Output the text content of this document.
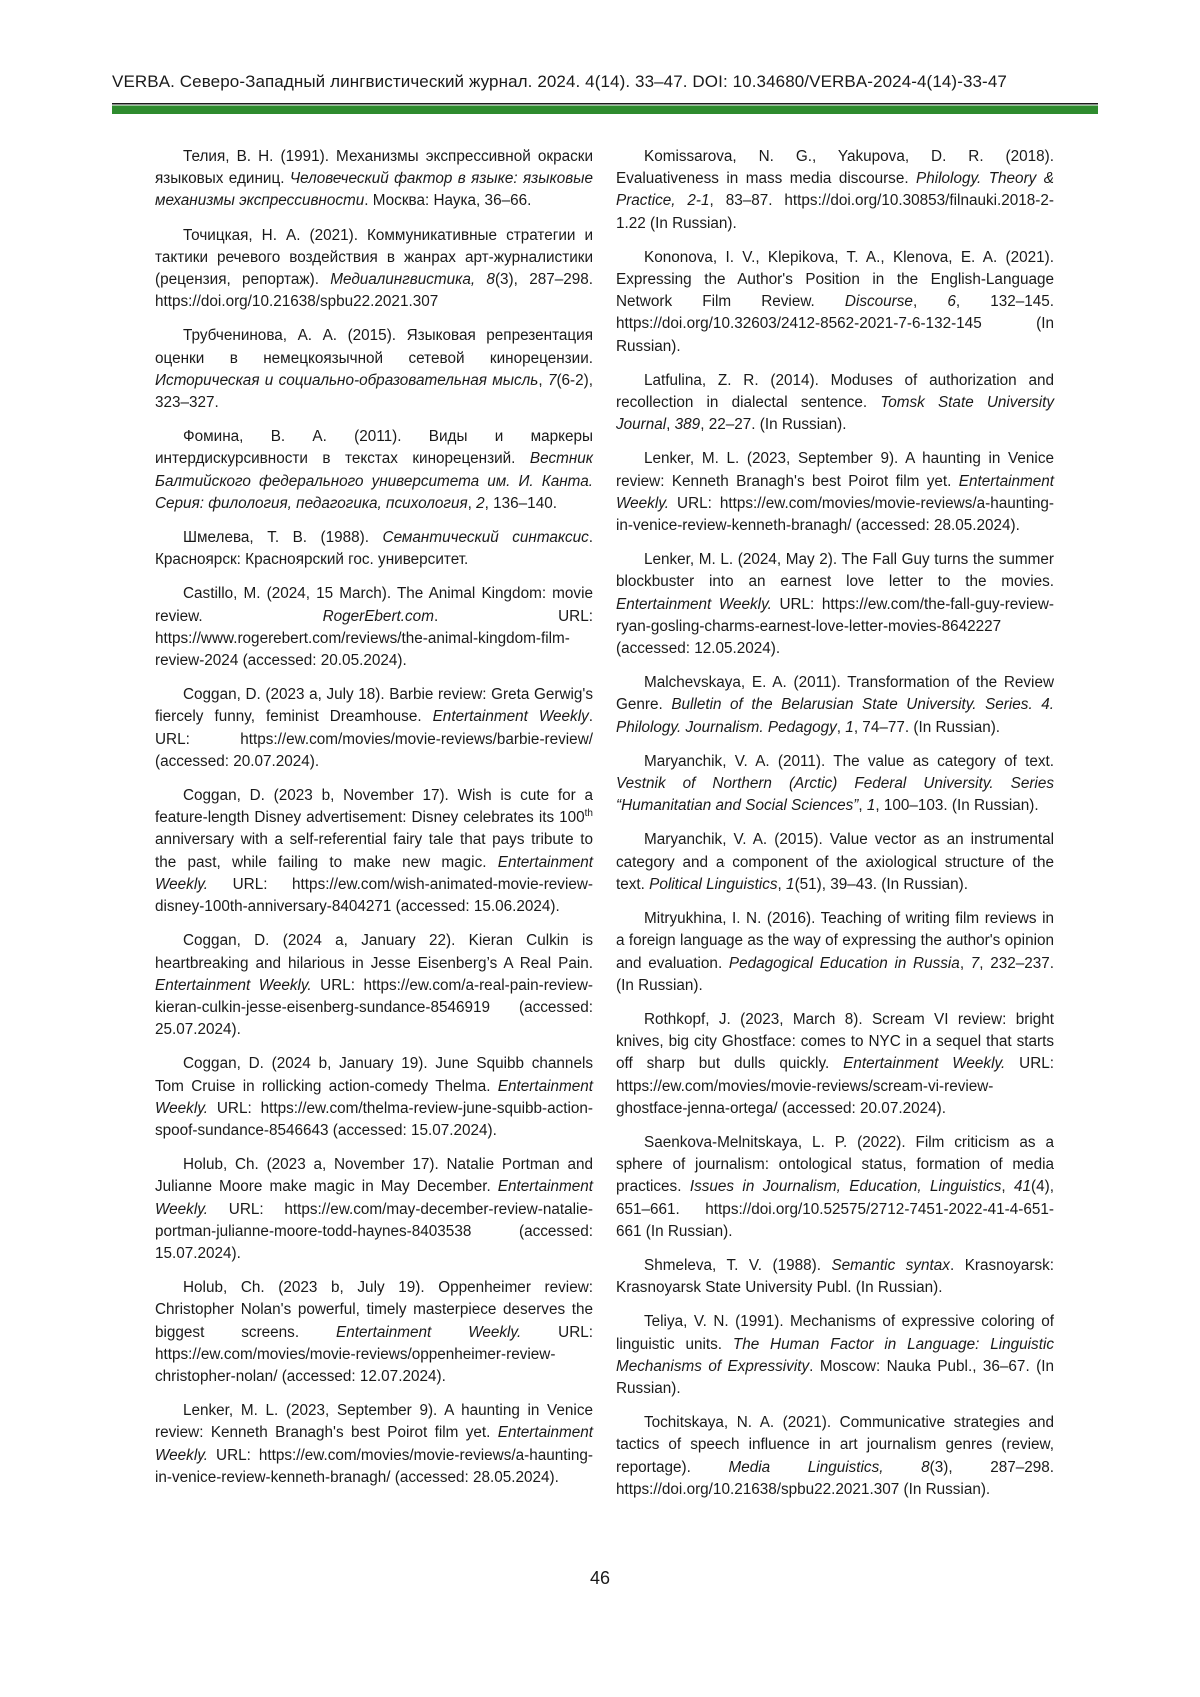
VERBA. Северо-Западный лингвистический журнал. 2024. 4(14). 33–47. DOI: 10.34680/VERBA-2024-4(14)-33-47

Телия, В. Н. (1991). Механизмы экспрессивной окраски языковых единиц. Человеческий фактор в языке: языковые механизмы экспрессивности. Москва: Наука, 36–66.

Точицкая, Н. А. (2021). Коммуникативные стратегии и тактики речевого воздействия в жанрах арт-журналистики (рецензия, репортаж). Медиалингвистика, 8(3), 287–298. https://doi.org/10.21638/spbu22.2021.307

Трубченинова, А. А. (2015). Языковая репрезентация оценки в немецкоязычной сетевой кинорецензии. Историческая и социально-образовательная мысль, 7(6-2), 323–327.

Фомина, В. А. (2011). Виды и маркеры интердискурсивности в текстах кинорецензий. Вестник Балтийского федерального университета им. И. Канта. Серия: филология, педагогика, психология, 2, 136–140.

Шмелева, Т. В. (1988). Семантический синтаксис. Красноярск: Красноярский гос. университет.

Castillo, M. (2024, 15 March). The Animal Kingdom: movie review. RogerEbert.com. URL: https://www.rogerebert.com/reviews/the-animal-kingdom-film-review-2024 (accessed: 20.05.2024).

Coggan, D. (2023 a, July 18). Barbie review: Greta Gerwig's fiercely funny, feminist Dreamhouse. Entertainment Weekly. URL: https://ew.com/movies/movie-reviews/barbie-review/ (accessed: 20.07.2024).

Coggan, D. (2023 b, November 17). Wish is cute for a feature-length Disney advertisement: Disney celebrates its 100th anniversary with a self-referential fairy tale that pays tribute to the past, while failing to make new magic. Entertainment Weekly. URL: https://ew.com/wish-animated-movie-review-disney-100th-anniversary-8404271 (accessed: 15.06.2024).

Coggan, D. (2024 a, January 22). Kieran Culkin is heartbreaking and hilarious in Jesse Eisenberg’s A Real Pain. Entertainment Weekly. URL: https://ew.com/a-real-pain-review-kieran-culkin-jesse-eisenberg-sundance-8546919 (accessed: 25.07.2024).

Coggan, D. (2024 b, January 19). June Squibb channels Tom Cruise in rollicking action-comedy Thelma. Entertainment Weekly. URL: https://ew.com/thelma-review-june-squibb-action-spoof-sundance-8546643 (accessed: 15.07.2024).

Holub, Ch. (2023 a, November 17). Natalie Portman and Julianne Moore make magic in May December. Entertainment Weekly. URL: https://ew.com/may-december-review-natalie-portman-julianne-moore-todd-haynes-8403538 (accessed: 15.07.2024).

Holub, Ch. (2023 b, July 19). Oppenheimer review: Christopher Nolan's powerful, timely masterpiece deserves the biggest screens. Entertainment Weekly. URL: https://ew.com/movies/movie-reviews/oppenheimer-review-christopher-nolan/ (accessed: 12.07.2024).

Lenker, M. L. (2023, September 9). A haunting in Venice review: Kenneth Branagh's best Poirot film yet. Entertainment Weekly. URL: https://ew.com/movies/movie-reviews/a-haunting-in-venice-review-kenneth-branagh/ (accessed: 28.05.2024).

Komissarova, N. G., Yakupova, D. R. (2018). Evaluativeness in mass media discourse. Philology. Theory & Practice, 2-1, 83–87. https://doi.org/10.30853/filnauki.2018-2-1.22 (In Russian).

Kononova, I. V., Klepikova, T. A., Klenova, E. A. (2021). Expressing the Author's Position in the English-Language Network Film Review. Discourse, 6, 132–145. https://doi.org/10.32603/2412-8562-2021-7-6-132-145 (In Russian).

Latfulina, Z. R. (2014). Moduses of authorization and recollection in dialectal sentence. Tomsk State University Journal, 389, 22–27. (In Russian).

Lenker, M. L. (2023, September 9). A haunting in Venice review: Kenneth Branagh's best Poirot film yet. Entertainment Weekly. URL: https://ew.com/movies/movie-reviews/a-haunting-in-venice-review-kenneth-branagh/ (accessed: 28.05.2024).

Lenker, M. L. (2024, May 2). The Fall Guy turns the summer blockbuster into an earnest love letter to the movies. Entertainment Weekly. URL: https://ew.com/the-fall-guy-review-ryan-gosling-charms-earnest-love-letter-movies-8642227 (accessed: 12.05.2024).

Malchevskaya, E. A. (2011). Transformation of the Review Genre. Bulletin of the Belarusian State University. Series. 4. Philology. Journalism. Pedagogy, 1, 74–77. (In Russian).

Maryanchik, V. A. (2011). The value as category of text. Vestnik of Northern (Arctic) Federal University. Series “Humanitatian and Social Sciences”, 1, 100–103. (In Russian).

Maryanchik, V. A. (2015). Value vector as an instrumental category and a component of the axiological structure of the text. Political Linguistics, 1(51), 39–43. (In Russian).

Mitryukhina, I. N. (2016). Teaching of writing film reviews in a foreign language as the way of expressing the author's opinion and evaluation. Pedagogical Education in Russia, 7, 232–237. (In Russian).

Rothkopf, J. (2023, March 8). Scream VI review: bright knives, big city Ghostface: comes to NYC in a sequel that starts off sharp but dulls quickly. Entertainment Weekly. URL: https://ew.com/movies/movie-reviews/scream-vi-review-ghostface-jenna-ortega/ (accessed: 20.07.2024).

Saenkova-Melnitskaya, L. P. (2022). Film criticism as a sphere of journalism: ontological status, formation of media practices. Issues in Journalism, Education, Linguistics, 41(4), 651–661. https://doi.org/10.52575/2712-7451-2022-41-4-651-661 (In Russian).

Shmeleva, T. V. (1988). Semantic syntax. Krasnoyarsk: Krasnoyarsk State University Publ. (In Russian).

Teliya, V. N. (1991). Mechanisms of expressive coloring of linguistic units. The Human Factor in Language: Linguistic Mechanisms of Expressivity. Moscow: Nauka Publ., 36–67. (In Russian).

Tochitskaya, N. A. (2021). Communicative strategies and tactics of speech influence in art journalism genres (review, reportage). Media Linguistics, 8(3), 287–298. https://doi.org/10.21638/spbu22.2021.307 (In Russian).

46
